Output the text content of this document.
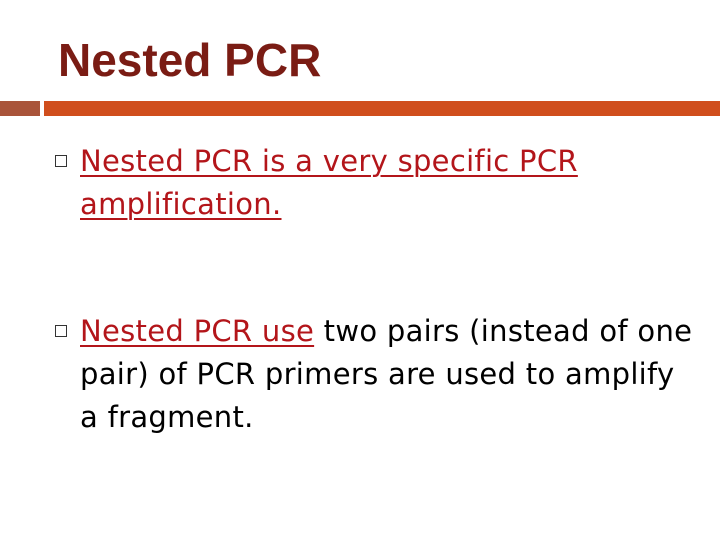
Nested PCR
Nested PCR is a very specific PCR amplification.
Nested PCR use two pairs (instead of one pair) of PCR primers are used to amplify a fragment.
